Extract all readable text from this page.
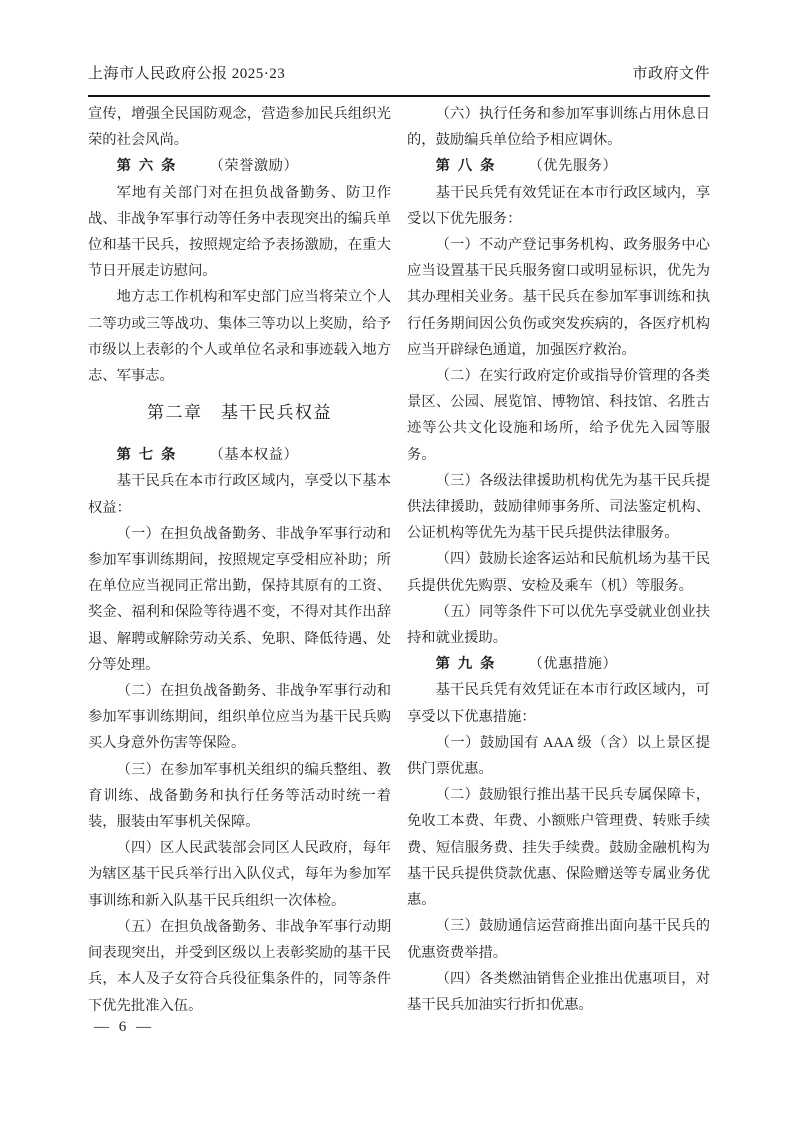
上海市人民政府公报 2025·23	市政府文件

宣传，增强全民国防观念，营造参加民兵组织光荣的社会风尚。

第六条 （荣誉激励）

军地有关部门对在担负战备勤务、防卫作战、非战争军事行动等任务中表现突出的编兵单位和基干民兵，按照规定给予表扬激励，在重大节日开展走访慰问。

地方志工作机构和军史部门应当将荣立个人二等功或三等战功、集体三等功以上奖励，给予市级以上表彰的个人或单位名录和事迹载入地方志、军事志。

第二章　基干民兵权益

第七条 （基本权益）

基干民兵在本市行政区域内，享受以下基本权益：

（一）在担负战备勤务、非战争军事行动和参加军事训练期间，按照规定享受相应补助；所在单位应当视同正常出勤，保持其原有的工资、奖金、福利和保险等待遇不变，不得对其作出辞退、解聘或解除劳动关系、免职、降低待遇、处分等处理。

（二）在担负战备勤务、非战争军事行动和参加军事训练期间，组织单位应当为基干民兵购买人身意外伤害等保险。

（三）在参加军事机关组织的编兵整组、教育训练、战备勤务和执行任务等活动时统一着装，服装由军事机关保障。

（四）区人民武装部会同区人民政府，每年为辖区基干民兵举行出入队仪式，每年为参加军事训练和新入队基干民兵组织一次体检。

（五）在担负战备勤务、非战争军事行动期间表现突出，并受到区级以上表彰奖励的基干民兵，本人及子女符合兵役征集条件的，同等条件下优先批准入伍。

（六）执行任务和参加军事训练占用休息日的，鼓励编兵单位给予相应调休。

第八条 （优先服务）

基干民兵凭有效凭证在本市行政区域内，享受以下优先服务：

（一）不动产登记事务机构、政务服务中心应当设置基干民兵服务窗口或明显标识，优先为其办理相关业务。基干民兵在参加军事训练和执行任务期间因公负伤或突发疾病的，各医疗机构应当开辟绿色通道，加强医疗救治。

（二）在实行政府定价或指导价管理的各类景区、公园、展览馆、博物馆、科技馆、名胜古迹等公共文化设施和场所，给予优先入园等服务。

（三）各级法律援助机构优先为基干民兵提供法律援助，鼓励律师事务所、司法鉴定机构、公证机构等优先为基干民兵提供法律服务。

（四）鼓励长途客运站和民航机场为基干民兵提供优先购票、安检及乘车（机）等服务。

（五）同等条件下可以优先享受就业创业扶持和就业援助。

第九条 （优惠措施）

基干民兵凭有效凭证在本市行政区域内，可享受以下优惠措施：

（一）鼓励国有 AAA 级（含）以上景区提供门票优惠。

（二）鼓励银行推出基干民兵专属保障卡，免收工本费、年费、小额账户管理费、转账手续费、短信服务费、挂失手续费。鼓励金融机构为基干民兵提供贷款优惠、保险赠送等专属业务优惠。

（三）鼓励通信运营商推出面向基干民兵的优惠资费举措。

（四）各类燃油销售企业推出优惠项目，对基干民兵加油实行折扣优惠。

— 6 —
